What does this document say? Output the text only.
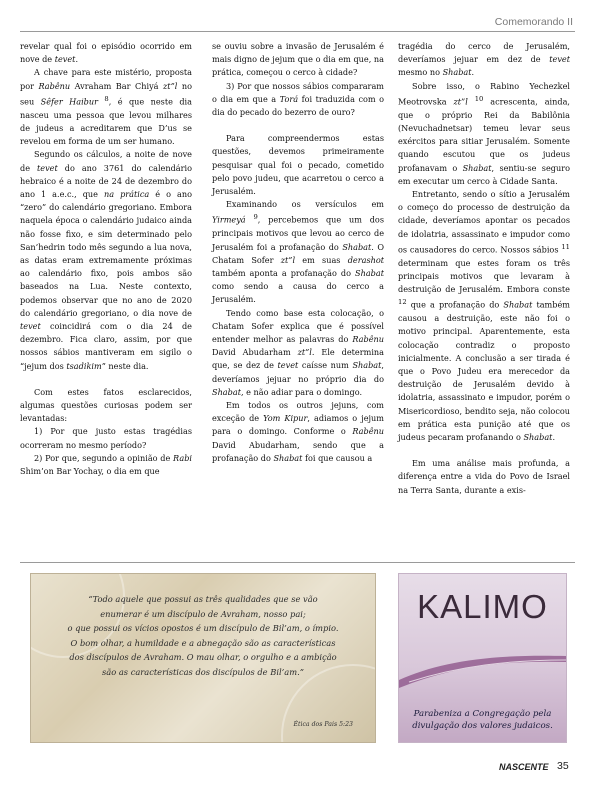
Comemorando II

revelar qual foi o episódio ocorrido em nove de tevet.

A chave para este mistério, proposta por Rabênu Avraham Bar Chiyá zt”l no seu Sêfer Haibur $^8$, é que neste dia nasceu uma pessoa que levou milhares de judeus a acreditarem que D’us se revelou em forma de um ser humano.

Segundo os cálculos, a noite de nove de tevet do ano 3761 do calendário hebraico é a noite de 24 de dezembro do ano 1 a.e.c., que na prática é o ano “zero” do calendário gregoriano. Embora naquela época o calendário judaico ainda não fosse fixo, e sim determinado pelo San’hedrin todo mês segundo a lua nova, as datas eram extremamente próximas ao calendário fixo, pois ambos são baseados na Lua. Neste contexto, podemos observar que no ano de 2020 do calendário gregoriano, o dia nove de tevet coincidirá com o dia 24 de dezembro. Fica claro, assim, por que nossos sábios mantiveram em sigilo o “jejum dos tsadikim” neste dia.

Com estes fatos esclarecidos, algumas questões curiosas podem ser levantadas:

1) Por que justo estas tragédias ocorreram no mesmo período?

2) Por que, segundo a opinião de Rabi Shim’on Bar Yochay, o dia em que

se ouviu sobre a invasão de Jerusalém é mais digno de jejum que o dia em que, na prática, começou o cerco à cidade?

3) Por que nossos sábios compararam o dia em que a Torá foi traduzida com o dia do pecado do bezerro de ouro?

Para compreendermos estas questões, devemos primeiramente pesquisar qual foi o pecado, cometido pelo povo judeu, que acarretou o cerco a Jerusalém.

Examinando os versículos em Yirmeyá $^9$, percebemos que um dos principais motivos que levou ao cerco de Jerusalém foi a profanação do Shabat. O Chatam Sofer zt”l em suas derashot também aponta a profanação do Shabat como sendo a causa do cerco a Jerusalém.

Tendo como base esta colocação, o Chatam Sofer explica que é possível entender melhor as palavras do Rabênu David Abudarham zt”l. Ele determina que, se dez de tevet caísse num Shabat, deveríamos jejuar no próprio dia do Shabat, e não adiar para o domingo.

Em todos os outros jejuns, com exceção de Yom Kipur, adiamos o jejum para o domingo. Conforme o Rabênu David Abudarham, sendo que a profanação do Shabat foi que causou a

tragédia do cerco de Jerusalém, deveríamos jejuar em dez de tevet mesmo no Shabat.

Sobre isso, o Rabino Yechezkel Meotrovska zt”l $^{10}$ acrescenta, ainda, que o próprio Rei da Babilônia (Nevuchadnetsar) temeu levar seus exércitos para sitiar Jerusalém. Somente quando escutou que os judeus profanavam o Shabat, sentiu-se seguro em executar um cerco à Cidade Santa.

Entretanto, sendo o sítio a Jerusalém o começo do processo de destruição da cidade, deveríamos apontar os pecados de idolatria, assassinato e impudor como os causadores do cerco. Nossos sábios $^{11}$ determinam que estes foram os três principais motivos que levaram à destruição de Jerusalém. Embora conste $^{12}$ que a profanação do Shabat também causou a destruição, este não foi o motivo principal. Aparentemente, esta colocação contradiz o proposto inicialmente. A conclusão a ser tirada é que o Povo Judeu era merecedor da destruição de Jerusalém devido à idolatria, assassinato e impudor, porém o Misericordioso, bendito seja, não colocou em prática esta punição até que os judeus pecaram profanando o Shabat.

Em uma análise mais profunda, a diferença entre a vida do Povo de Israel na Terra Santa, durante a exis-

“Todo aquele que possui as três qualidades que se vão
enumerar é um discípulo de Avraham, nosso pai;
o que possui os vícios opostos é um discípulo de Bil’am, o ímpio.
O bom olhar, a humildade e a abnegação são as características
dos discípulos de Avraham. O mau olhar, o orgulho e a ambição
são as características dos discípulos de Bil’am.”

Ética dos Pais 5:23
KALIMO
Parabeniza a Congregação pela
divulgação dos valores judaicos.
NASCENTE 35
